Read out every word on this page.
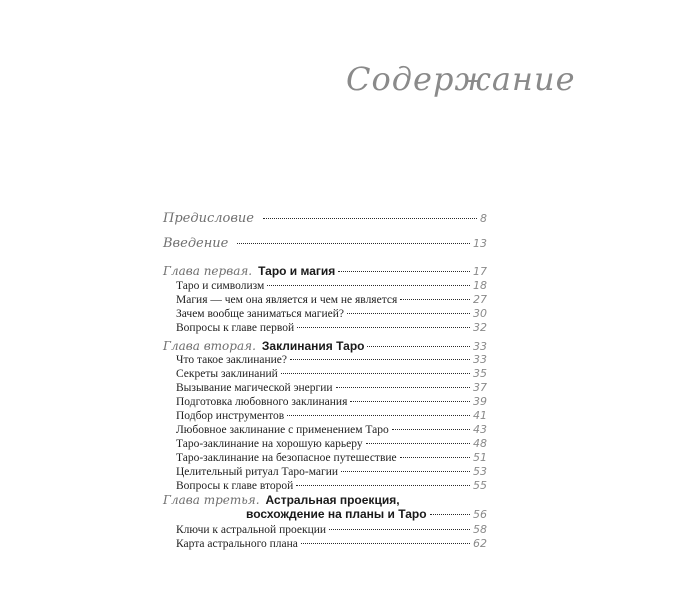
Содержание
Предисловие	8
Введение	13
Глава первая. Таро и магия	17
Таро и символизм	18
Магия — чем она является и чем не является	27
Зачем вообще заниматься магией?	30
Вопросы к главе первой	32
Глава вторая. Заклинания Таро	33
Что такое заклинание?	33
Секреты заклинаний	35
Вызывание магической энергии	37
Подготовка любовного заклинания	39
Подбор инструментов	41
Любовное заклинание с применением Таро	43
Таро-заклинание на хорошую карьеру	48
Таро-заклинание на безопасное путешествие	51
Целительный ритуал Таро-магии	53
Вопросы к главе второй	55
Глава третья. Астральная проекция,
восхождение на планы и Таро	56
Ключи к астральной проекции	58
Карта астрального плана	62
